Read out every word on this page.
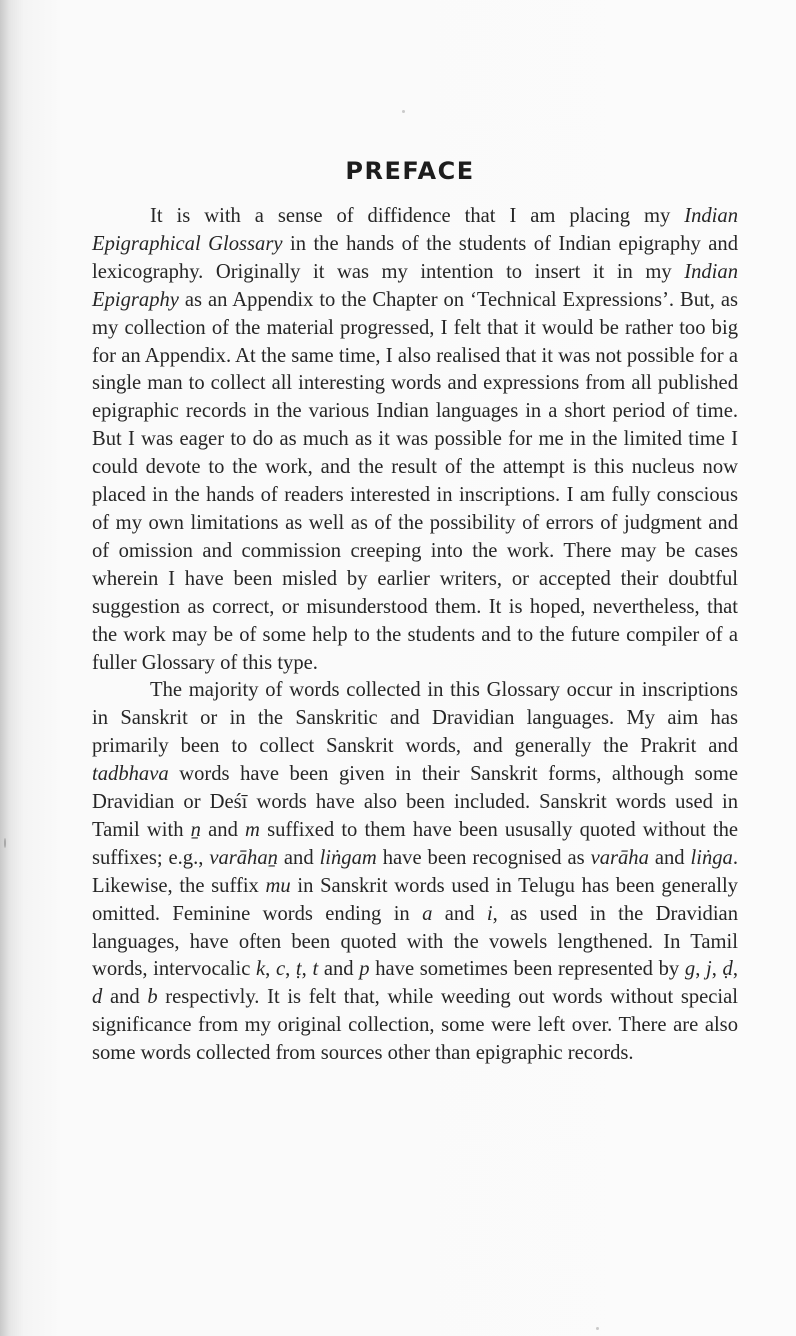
PREFACE

It is with a sense of diffidence that I am placing my Indian Epigraphical Glossary in the hands of the students of Indian epigraphy and lexicography. Originally it was my intention to insert it in my Indian Epigraphy as an Appendix to the Chapter on ‘Technical Expressions’. But, as my collection of the material progressed, I felt that it would be rather too big for an Appendix. At the same time, I also realised that it was not possible for a single man to collect all interesting words and expressions from all published epigraphic records in the various Indian languages in a short period of time. But I was eager to do as much as it was possible for me in the limited time I could devote to the work, and the result of the attempt is this nucleus now placed in the hands of readers interested in inscriptions. I am fully conscious of my own limitations as well as of the possibility of errors of judgment and of omission and commission creeping into the work. There may be cases wherein I have been misled by earlier writers, or accepted their doubtful suggestion as correct, or misunderstood them. It is hoped, nevertheless, that the work may be of some help to the students and to the future compiler of a fuller Glossary of this type.

The majority of words collected in this Glossary occur in inscriptions in Sanskrit or in the Sanskritic and Dravidian languages. My aim has primarily been to collect Sanskrit words, and generally the Prakrit and tadbhava words have been given in their Sanskrit forms, although some Dravidian or Deśī words have also been included. Sanskrit words used in Tamil with ṉ and m suffixed to them have been ususally quoted without the suffixes; e.g., varāhaṉ and liṅgam have been recognised as varāha and liṅga. Likewise, the suffix mu in Sanskrit words used in Telugu has been generally omitted. Feminine words ending in a and i, as used in the Dravidian languages, have often been quoted with the vowels lengthened. In Tamil words, intervocalic k, c, ṭ, t and p have sometimes been represented by g, j, ḍ, d and b respectivly. It is felt that, while weeding out words without special significance from my original collection, some were left over. There are also some words collected from sources other than epigraphic records.
